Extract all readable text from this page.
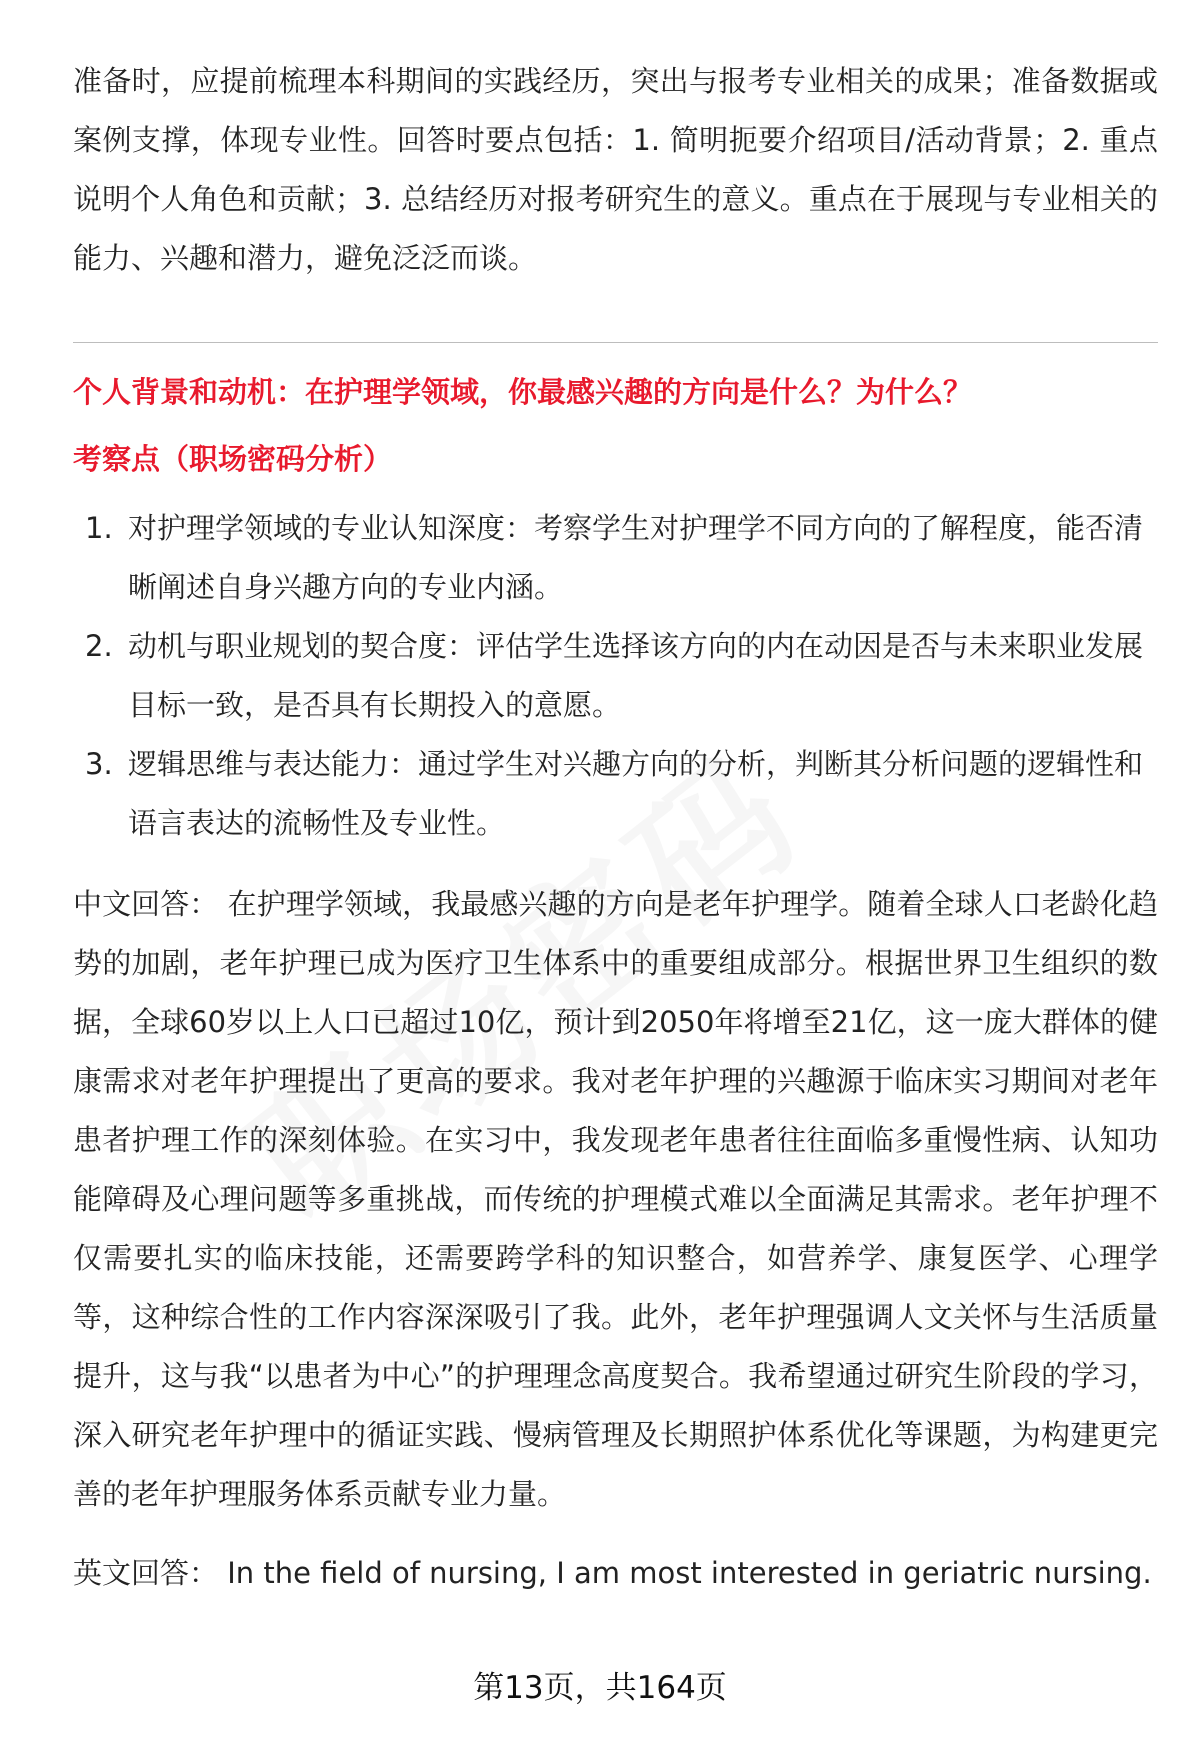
准备时，应提前梳理本科期间的实践经历，突出与报考专业相关的成果；准备数据或案例支撑，体现专业性。回答时要点包括：1. 简明扼要介绍项目/活动背景；2. 重点说明个人角色和贡献；3. 总结经历对报考研究生的意义。重点在于展现与专业相关的能力、兴趣和潜力，避免泛泛而谈。

个人背景和动机：在护理学领域，你最感兴趣的方向是什么？为什么？
考察点（职场密码分析）
1. 对护理学领域的专业认知深度：考察学生对护理学不同方向的了解程度，能否清晰阐述自身兴趣方向的专业内涵。
2. 动机与职业规划的契合度：评估学生选择该方向的内在动因是否与未来职业发展目标一致，是否具有长期投入的意愿。
3. 逻辑思维与表达能力：通过学生对兴趣方向的分析，判断其分析问题的逻辑性和语言表达的流畅性及专业性。

中文回答： 在护理学领域，我最感兴趣的方向是老年护理学。随着全球人口老龄化趋势的加剧，老年护理已成为医疗卫生体系中的重要组成部分。根据世界卫生组织的数据，全球60岁以上人口已超过10亿，预计到2050年将增至21亿，这一庞大群体的健康需求对老年护理提出了更高的要求。我对老年护理的兴趣源于临床实习期间对老年患者护理工作的深刻体验。在实习中，我发现老年患者往往面临多重慢性病、认知功能障碍及心理问题等多重挑战，而传统的护理模式难以全面满足其需求。老年护理不仅需要扎实的临床技能，还需要跨学科的知识整合，如营养学、康复医学、心理学等，这种综合性的工作内容深深吸引了我。此外，老年护理强调人文关怀与生活质量提升，这与我“以患者为中心”的护理理念高度契合。我希望通过研究生阶段的学习，深入研究老年护理中的循证实践、慢病管理及长期照护体系优化等课题，为构建更完善的老年护理服务体系贡献专业力量。

英文回答： In the field of nursing, I am most interested in geriatric nursing.

第13页，共164页
